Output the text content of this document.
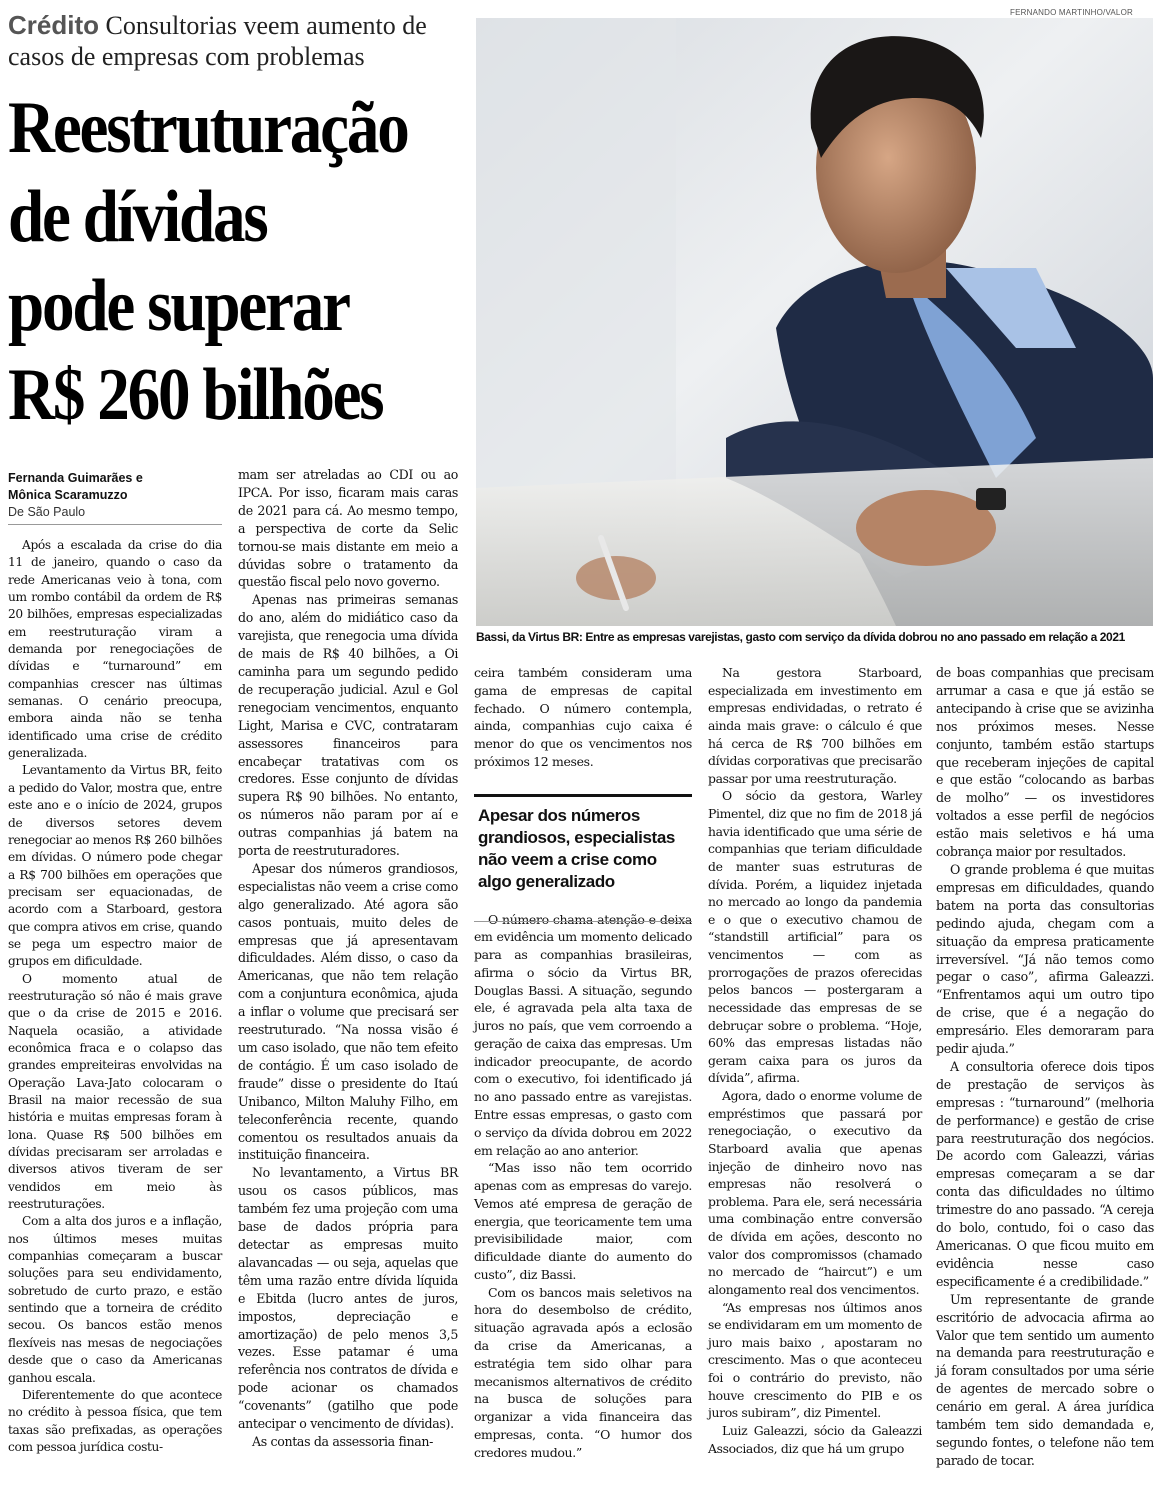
Crédito Consultorias veem aumento de casos de empresas com problemas
Reestruturação
de dívidas
pode superar
R$ 260 bilhões
FERNANDO MARTINHO/VALOR
Bassi, da Virtus BR: Entre as empresas varejistas, gasto com serviço da dívida dobrou no ano passado em relação a 2021
Fernanda Guimarães e
Mônica Scaramuzzo
De São Paulo

Após a escalada da crise do dia 11 de janeiro, quando o caso da rede Americanas veio à tona, com um rombo contábil da ordem de R$ 20 bilhões, empresas especializadas em reestruturação viram a demanda por renegociações de dívidas e “turnaround” em companhias crescer nas últimas semanas. O cenário preocupa, embora ainda não se tenha identificado uma crise de crédito generalizada.

Levantamento da Virtus BR, feito a pedido do Valor, mostra que, entre este ano e o início de 2024, grupos de diversos setores devem renegociar ao menos R$ 260 bilhões em dívidas. O número pode chegar a R$ 700 bilhões em operações que precisam ser equacionadas, de acordo com a Starboard, gestora que compra ativos em crise, quando se pega um espectro maior de grupos em dificuldade.

O momento atual de reestruturação só não é mais grave que o da crise de 2015 e 2016. Naquela ocasião, a atividade econômica fraca e o colapso das grandes empreiteiras envolvidas na Operação Lava-Jato colocaram o Brasil na maior recessão de sua história e muitas empresas foram à lona. Quase R$ 500 bilhões em dívidas precisaram ser arroladas e diversos ativos tiveram de ser vendidos em meio às reestruturações.

Com a alta dos juros e a inflação, nos últimos meses muitas companhias começaram a buscar soluções para seu endividamento, sobretudo de curto prazo, e estão sentindo que a torneira de crédito secou. Os bancos estão menos flexíveis nas mesas de negociações desde que o caso da Americanas ganhou escala.

Diferentemente do que acontece no crédito à pessoa física, que tem taxas são prefixadas, as operações com pessoa jurídica costu-

mam ser atreladas ao CDI ou ao IPCA. Por isso, ficaram mais caras de 2021 para cá. Ao mesmo tempo, a perspectiva de corte da Selic tornou-se mais distante em meio a dúvidas sobre o tratamento da questão fiscal pelo novo governo.

Apenas nas primeiras semanas do ano, além do midiático caso da varejista, que renegocia uma dívida de mais de R$ 40 bilhões, a Oi caminha para um segundo pedido de recuperação judicial. Azul e Gol renegociam vencimentos, enquanto Light, Marisa e CVC, contrataram assessores financeiros para encabeçar tratativas com os credores. Esse conjunto de dívidas supera R$ 90 bilhões. No entanto, os números não param por aí e outras companhias já batem na porta de reestruturadores.

Apesar dos números grandiosos, especialistas não veem a crise como algo generalizado. Até agora são casos pontuais, muito deles de empresas que já apresentavam dificuldades. Além disso, o caso da Americanas, que não tem relação com a conjuntura econômica, ajuda a inflar o volume que precisará ser reestruturado. “Na nossa visão é um caso isolado, que não tem efeito de contágio. É um caso isolado de fraude” disse o presidente do Itaú Unibanco, Milton Maluhy Filho, em teleconferência recente, quando comentou os resultados anuais da instituição financeira.

No levantamento, a Virtus BR usou os casos públicos, mas também fez uma projeção com uma base de dados própria para detectar as empresas muito alavancadas — ou seja, aquelas que têm uma razão entre dívida líquida e Ebitda (lucro antes de juros, impostos, depreciação e amortização) de pelo menos 3,5 vezes. Esse patamar é uma referência nos contratos de dívida e pode acionar os chamados “covenants” (gatilho que pode antecipar o vencimento de dívidas).

As contas da assessoria finan-

ceira também consideram uma gama de empresas de capital fechado. O número contempla, ainda, companhias cujo caixa é menor do que os vencimentos nos próximos 12 meses.

O número chama atenção e deixa em evidência um momento delicado para as companhias brasileiras, afirma o sócio da Virtus BR, Douglas Bassi. A situação, segundo ele, é agravada pela alta taxa de juros no país, que vem corroendo a geração de caixa das empresas. Um indicador preocupante, de acordo com o executivo, foi identificado já no ano passado entre as varejistas. Entre essas empresas, o gasto com o serviço da dívida dobrou em 2022 em relação ao ano anterior.

“Mas isso não tem ocorrido apenas com as empresas do varejo. Vemos até empresa de geração de energia, que teoricamente tem uma previsibilidade maior, com dificuldade diante do aumento do custo”, diz Bassi.

Com os bancos mais seletivos na hora do desembolso de crédito, situação agravada após a eclosão da crise da Americanas, a estratégia tem sido olhar para mecanismos alternativos de crédito na busca de soluções para organizar a vida financeira das empresas, conta. “O humor dos credores mudou.”

Apesar dos números grandiosos, especialistas não veem a crise como algo generalizado

Na gestora Starboard, especializada em investimento em empresas endividadas, o retrato é ainda mais grave: o cálculo é que há cerca de R$ 700 bilhões em dívidas corporativas que precisarão passar por uma reestruturação.

O sócio da gestora, Warley Pimentel, diz que no fim de 2018 já havia identificado que uma série de companhias que teriam dificuldade de manter suas estruturas de dívida. Porém, a liquidez injetada no mercado ao longo da pandemia e o que o executivo chamou de “standstill artificial” para os vencimentos — com as prorrogações de prazos oferecidas pelos bancos — postergaram a necessidade das empresas de se debruçar sobre o problema. “Hoje, 60% das empresas listadas não geram caixa para os juros da dívida”, afirma.

Agora, dado o enorme volume de empréstimos que passará por renegociação, o executivo da Starboard avalia que apenas injeção de dinheiro novo nas empresas não resolverá o problema. Para ele, será necessária uma combinação entre conversão de dívida em ações, desconto no valor dos compromissos (chamado no mercado de “haircut”) e um alongamento real dos vencimentos.

“As empresas nos últimos anos se endividaram em um momento de juro mais baixo , apostaram no crescimento. Mas o que aconteceu foi o contrário do previsto, não houve crescimento do PIB e os juros subiram”, diz Pimentel.

Luiz Galeazzi, sócio da Galeazzi Associados, diz que há um grupo

de boas companhias que precisam arrumar a casa e que já estão se antecipando à crise que se avizinha nos próximos meses. Nesse conjunto, também estão startups que receberam injeções de capital e que estão “colocando as barbas de molho” — os investidores voltados a esse perfil de negócios estão mais seletivos e há uma cobrança maior por resultados.

O grande problema é que muitas empresas em dificuldades, quando batem na porta das consultorias pedindo ajuda, chegam com a situação da empresa praticamente irreversível. “Já não temos como pegar o caso”, afirma Galeazzi. “Enfrentamos aqui um outro tipo de crise, que é a negação do empresário. Eles demoraram para pedir ajuda.”

A consultoria oferece dois tipos de prestação de serviços às empresas : “turnaround” (melhoria de performance) e gestão de crise para reestruturação dos negócios. De acordo com Galeazzi, várias empresas começaram a se dar conta das dificuldades no último trimestre do ano passado. “A cereja do bolo, contudo, foi o caso das Americanas. O que ficou muito em evidência nesse caso especificamente é a credibilidade.”

Um representante de grande escritório de advocacia afirma ao Valor que tem sentido um aumento na demanda para reestruturação e já foram consultados por uma série de agentes de mercado sobre o cenário em geral. A área jurídica também tem sido demandada e, segundo fontes, o telefone não tem parado de tocar.
